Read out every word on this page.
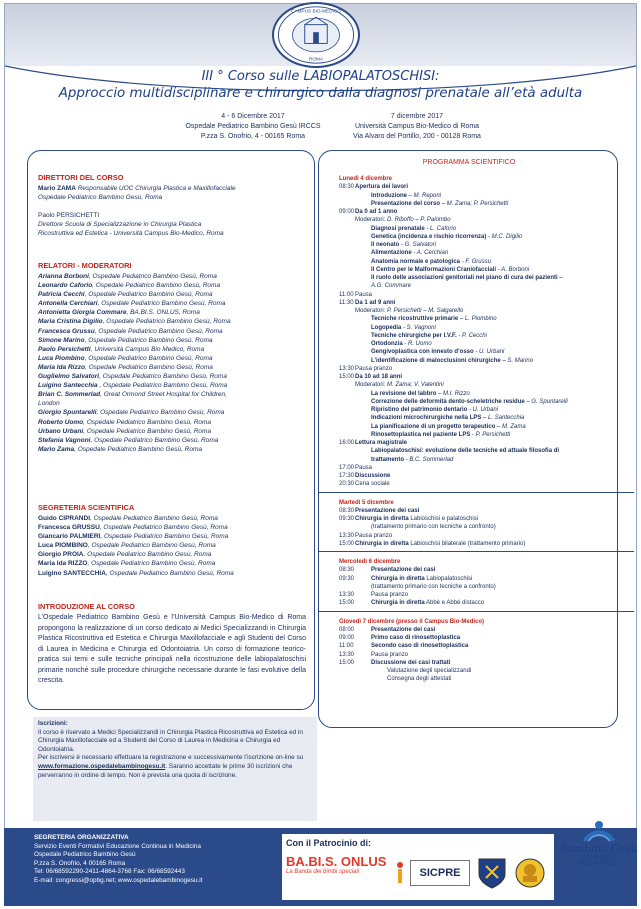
CAMPUS BIO-MEDICO
ROMA
III ° Corso sulle LABIOPALATOSCHISI:
Approccio multidisciplinare e chirurgico dalla diagnosi prenatale all’età adulta
4 - 6 Dicembre 2017
Ospedale Pediatrico Bambino Gesù IRCCS
P.zza S. Onofrio, 4 - 00165 Roma
7 dicembre 2017
Università Campus Bio-Medico di Roma
Via Alvaro del Portillo, 200 - 00128 Roma
DIRETTORI DEL CORSO
Mario ZAMA Responsabile UOC Chirurgia Plastica e Maxillofacciale
Ospedale Pediatrico Bambino Gesù, Roma
Paolo PERSICHETTI
Direttore Scuola di Specializzazione in Chirurgia Plastica
Ricostruttiva ed Estetica - Università Campus Bio-Medico, Roma
RELATORI - MODERATORI
Arianna Borboni, Ospedale Pediatrico Bambino Gesù, Roma
Leonardo Caforio, Ospedale Pediatrico Bambino Gesù, Roma
Patricia Cecchi, Ospedale Pediatrico Bambino Gesù, Roma
Antonella Cerchiari, Ospedale Pediatrico Bambino Gesù, Roma
Antonietta Giorgia Commare, BA.BI.S. ONLUS, Roma
Maria Cristina Digilio, Ospedale Pediatrico Bambino Gesù, Roma
Francesca Grussu, Ospedale Pediatrico Bambino Gesù, Roma
Simone Marino, Ospedale Pediatrico Bambino Gesù, Roma
Paolo Persichetti, Università Campus Bio Medico, Roma
Luca Piombino, Ospedale Pediatrico Bambino Gesù, Roma
Maria Ida Rizzo, Ospedale Pediatrico Bambino Gesù, Roma
Guglielmo Salvatori, Ospedale Pediatrico Bambino Gesù, Roma
Luigino Santecchia , Ospedale Pediatrico Bambino Gesù, Roma
Brian C. Sommerlad, Great Ormond Street Hospital for Children,
London
Giorgio Spuntarelli, Ospedale Pediatrico Bambino Gesù, Roma
Roberto Uomo, Ospedale Pediatrico Bambino Gesù, Roma
Urbano Urbani, Ospedale Pediatrico Bambino Gesù, Roma
Stefania Vagnoni, Ospedale Pediatrico Bambino Gesù, Roma
Mario Zama, Ospedale Pediatrico Bambino Gesù, Roma
SEGRETERIA SCIENTIFICA
Guido CIPRANDI, Ospedale Pediatrico Bambino Gesù, Roma
Francesca GRUSSU, Ospedale Pediatrico Bambino Gesù, Roma
Giancarlo PALMIERI, Ospedale Pediatrico Bambino Gesù, Roma
Luca PIOMBINO, Ospedale Pediatrico Bambino Gesù, Roma
Giorgio PROIA, Ospedale Pediatrico Bambino Gesù, Roma
Maria Ida RIZZO, Ospedale Pediatrico Bambino Gesù, Roma
Luigino SANTECCHIA, Ospedale Pediatrico Bambino Gesù, Roma
INTRODUZIONE AL CORSO
L’Ospedale Pediatrico Bambino Gesù e l’Università Campus Bio-Medico di Roma propongono la realizzazione di un corso dedicato ai Medici Specializzandi in Chirurgia Plastica Ricostruttiva ed Estetica e Chirurgia Maxillofacciale e agli Studenti del Corso di Laurea in Medicina e Chirurgia ed Odontoiatria. Un corso di formazione teorico-pratica sui temi e sulle tecniche principali nella ricostruzione delle labiopalatoschisi primarie nonché sulle procedure chirurgiche necessarie durante le fasi evolutive della crescita.
PROGRAMMA SCIENTIFICO
Lunedì 4 dicembre
08:30Apertura dei lavori
Introduzione – M. Reponi
Presentazione del corso – M. Zama; P. Persichetti
09:00Da 0 ad 1 anno
Moderatori: D. Riboffo – P. Palombo
Diagnosi prenatale - L. Caforio
Genetica (incidenza e rischio ricorrenza) - M.C. Digilio
Il neonato - G. Salvatori
Alimentazione - A. Cerchiari
Anatomia normale e patologica - F. Grussu
Il Centro per le Malformazioni Craniofacciali - A. Borboni
Il ruolo delle associazioni genitoriali nel piano di cura dei pazienti –
A.G. Commare
11:00Pausa
11:30Da 1 ad 9 anni
Moderatori: P. Persichetti – M. Salgarello
Tecniche ricostruttive primarie – L. Piombino
Logopedia - S. Vagnoni
Tecniche chirurgiche per I.V.F. - P. Cecchi
Ortodonzia - R. Uomo
Gengivoplastica con innesto d’osso - U. Urbani
L’identificazione di malocclusioni chirurgiche – S. Marino
13:30Pausa pranzo
15:00Da 10 ad 18 anni
Moderatori: M. Zama; V. Valentini
La revisione del labbro – M.I. Rizzo
Correzione delle deformità dento-scheletriche residue – G. Spuntarelli
Ripristino del patrimonio dentario - U. Urbani
Indicazioni microchirurgiche nella LPS – L. Santecchia
La pianificazione di un progetto terapeutico – M. Zama
Rinosettoplastica nel paziente LPS - P. Persichetti
16:00Lettura magistrale
Labiopalatoschisi: evoluzione delle tecniche ed attuale filosofia di
trattamento - B.C. Sommerlad
17:00Pausa
17:30Discussione
20:30Cena sociale
Martedì 5 dicembre
08:30Presentazione dei casi
09:30Chirurgia in diretta Labioschisi e palatoschisi
(trattamento primario con tecniche a confronto)
13:30Pausa pranzo
15:00Chirurgia in diretta Labioschisi bilaterale (trattamento primario)
Mercoledì 6 dicembre
08:30	Presentazione dei casi
09:30	Chirurgia in diretta Labiopalatoschisi
(trattamento primario con tecniche a confronto)
13:30	Pausa pranzo
15:00	Chirurgia in diretta Abbé e Abbé distacco
Giovedì 7 dicembre (presso il Campus Bio-Medico)
08:00	Presentazione dei casi
09:00	Primo caso di rinosettoplastica
11:00	Secondo caso di rinosettoplastica
13:30	Pausa pranzo
15:00	Discussione dei casi trattati
Valutazione degli specializzandi
Consegna degli attestati
Iscrizioni:
Il corso è riservato a Medici Specializzandi in Chirurgia Plastica Ricostruttiva ed Estetica ed in Chirurgia Maxillofacciale ed a Studenti del Corso di Laurea in Medicina e Chirurgia ed Odontoiatria.
Per iscriversi è necessario effettuare la registrazione e successivamente l’iscrizione on-line su www.formazione.ospedalebambinogesu.it. Saranno accettate le prime 30 iscrizioni che perverranno in ordine di tempo. Non è prevista una quota di iscrizione.
SEGRETERIA ORGANIZZATIVA
Servizio Eventi Formativi Educazione Continua in Medicina
Ospedale Pediatrico Bambino Gesù
P.zza S. Onofrio, 4 00165 Roma
Tel: 06/68592290-2411-4864-3768 Fax: 06/68592443
E-mail: congressi@opbg.net; www.ospedalebambinogesu.it
Con il Patrocinio di:
BA.BI.S. ONLUS
La Banda dei bimbi speciali	SICPRE
Bambino Gesù
OSPEDALE PEDIATRICO
